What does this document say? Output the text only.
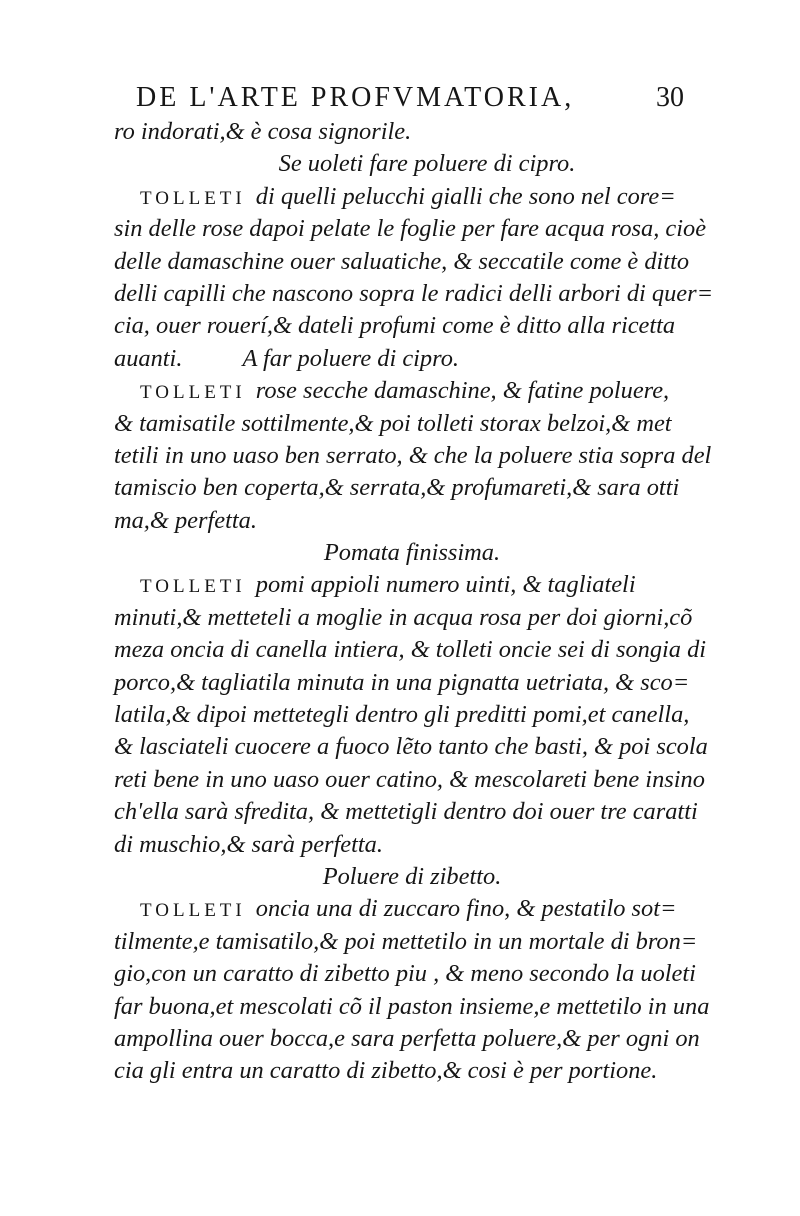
DE L'ARTE PROFVMATORIA,	30
ro indorati,& è cosa signorile.
Se uoleti fare poluere di cipro.
TOLLETI di quelli pelucchi gialli che sono nel core=
sin delle rose dapoi pelate le foglie per fare acqua rosa, cioè
delle damaschine ouer saluatiche, & seccatile come è ditto
delli capilli che nascono sopra le radici delli arbori di quer=
cia, ouer rouerí,& dateli profumi come è ditto alla ricetta
auanti. A far poluere di cipro.
TOLLETI rose secche damaschine, & fatine poluere,
& tamisatile sottilmente,& poi tolleti storax belzoi,& met
tetili in uno uaso ben serrato, & che la poluere stia sopra del
tamiscio ben coperta,& serrata,& profumareti,& sara otti
ma,& perfetta.
Pomata finissima.
TOLLETI pomi appioli numero uinti, & tagliateli
minuti,& metteteli a moglie in acqua rosa per doi giorni,cõ
meza oncia di canella intiera, & tolleti oncie sei di songia di
porco,& tagliatila minuta in una pignatta uetriata, & sco=
latila,& dipoi mettetegli dentro gli preditti pomi,et canella,
& lasciateli cuocere a fuoco lẽto tanto che basti, & poi scola
reti bene in uno uaso ouer catino, & mescolareti bene insino
ch'ella sarà sfredita, & mettetigli dentro doi ouer tre caratti
di muschio,& sarà perfetta.
Poluere di zibetto.
TOLLETI oncia una di zuccaro fino, & pestatilo sot=
tilmente,e tamisatilo,& poi mettetilo in un mortale di bron=
gio,con un caratto di zibetto piu , & meno secondo la uoleti
far buona,et mescolati cõ il paston insieme,e mettetilo in una
ampollina ouer bocca,e sara perfetta poluere,& per ogni on
cia gli entra un caratto di zibetto,& cosi è per portione.
